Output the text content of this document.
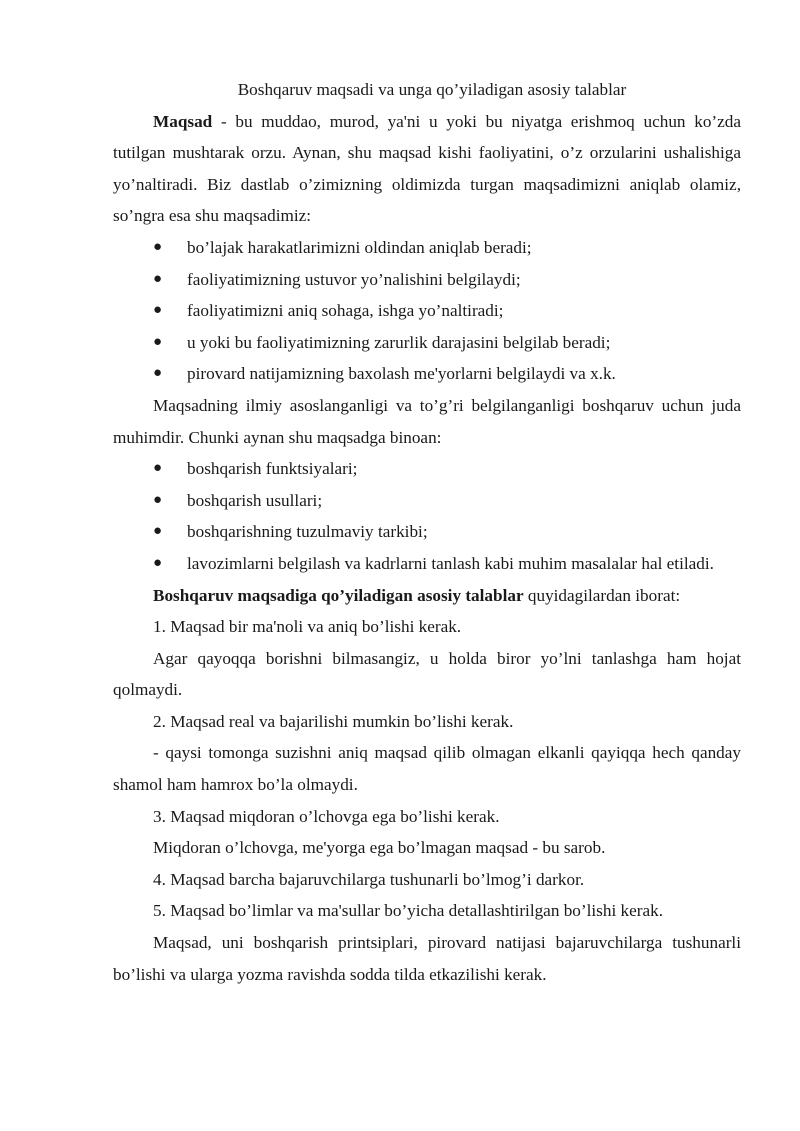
Boshqaruv maqsadi va unga qo’yiladigan asosiy talablar

Maqsad - bu muddao, murod, ya'ni u yoki bu niyatga erishmoq uchun ko’zda tutilgan mushtarak orzu. Aynan, shu maqsad kishi faoliyatini, o’z orzularini ushalishiga yo’naltiradi. Biz dastlab o’zimizning oldimizda turgan maqsadimizni aniqlab olamiz, so’ngra esa shu maqsadimiz:

● bo’lajak harakatlarimizni oldindan aniqlab beradi;
● faoliyatimizning ustuvor yo’nalishini belgilaydi;
● faoliyatimizni aniq sohaga, ishga yo’naltiradi;
● u yoki bu faoliyatimizning zarurlik darajasini belgilab beradi;
● pirovard natijamizning baxolash me'yorlarni belgilaydi va x.k.

Maqsadning ilmiy asoslanganligi va to’g’ri belgilanganligi boshqaruv uchun juda muhimdir. Chunki aynan shu maqsadga binoan:

● boshqarish funktsiyalari;
● boshqarish usullari;
● boshqarishning tuzulmaviy tarkibi;
● lavozimlarni belgilash va kadrlarni tanlash kabi muhim masalalar hal etiladi.

Boshqaruv maqsadiga qo’yiladigan asosiy talablar quyidagilardan iborat:

1. Maqsad bir ma'noli va aniq bo’lishi kerak.

Agar qayoqqa borishni bilmasangiz, u holda biror yo’lni tanlashga ham hojat qolmaydi.

2. Maqsad real va bajarilishi mumkin bo’lishi kerak.

- qaysi tomonga suzishni aniq maqsad qilib olmagan elkanli qayiqqa hech qanday shamol ham hamrox bo’la olmaydi.

3. Maqsad miqdoran o’lchovga ega bo’lishi kerak.

Miqdoran o’lchovga, me'yorga ega bo’lmagan maqsad - bu sarob.

4. Maqsad barcha bajaruvchilarga tushunarli bo’lmog’i darkor.

5. Maqsad bo’limlar va ma'sullar bo’yicha detallashtirilgan bo’lishi kerak.

Maqsad, uni boshqarish printsiplari, pirovard natijasi bajaruvchilarga tushunarli bo’lishi va ularga yozma ravishda sodda tilda etkazilishi kerak.
